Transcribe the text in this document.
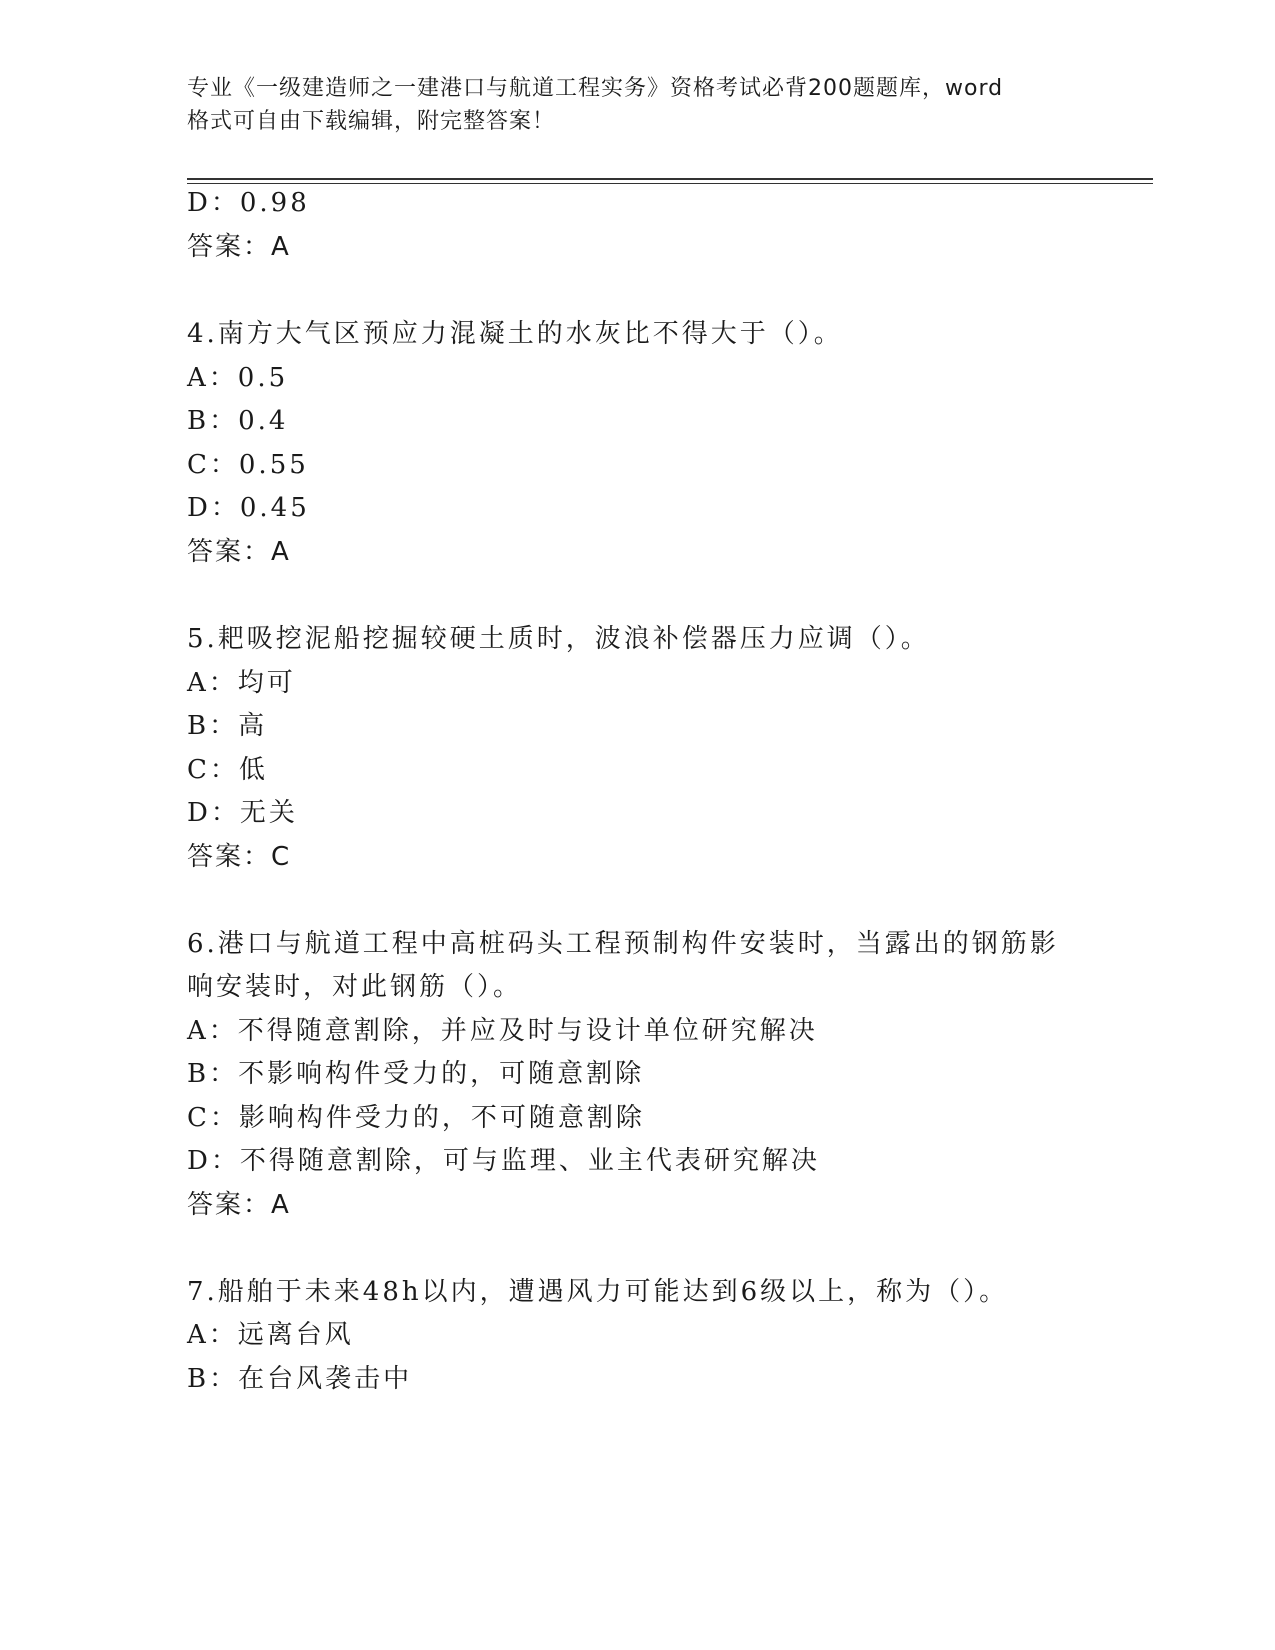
专业《一级建造师之一建港口与航道工程实务》资格考试必背200题题库，word
格式可自由下载编辑，附完整答案！
D：0.98
答案：A
4.南方大气区预应力混凝土的水灰比不得大于（）。
A：0.5
B：0.4
C：0.55
D：0.45
答案：A
5.耙吸挖泥船挖掘较硬土质时，波浪补偿器压力应调（）。
A：均可
B：高
C：低
D：无关
答案：C
6.港口与航道工程中高桩码头工程预制构件安装时，当露出的钢筋影
响安装时，对此钢筋（）。
A：不得随意割除，并应及时与设计单位研究解决
B：不影响构件受力的，可随意割除
C：影响构件受力的，不可随意割除
D：不得随意割除，可与监理、业主代表研究解决
答案：A
7.船舶于未来48h以内，遭遇风力可能达到6级以上，称为（）。
A：远离台风
B：在台风袭击中
